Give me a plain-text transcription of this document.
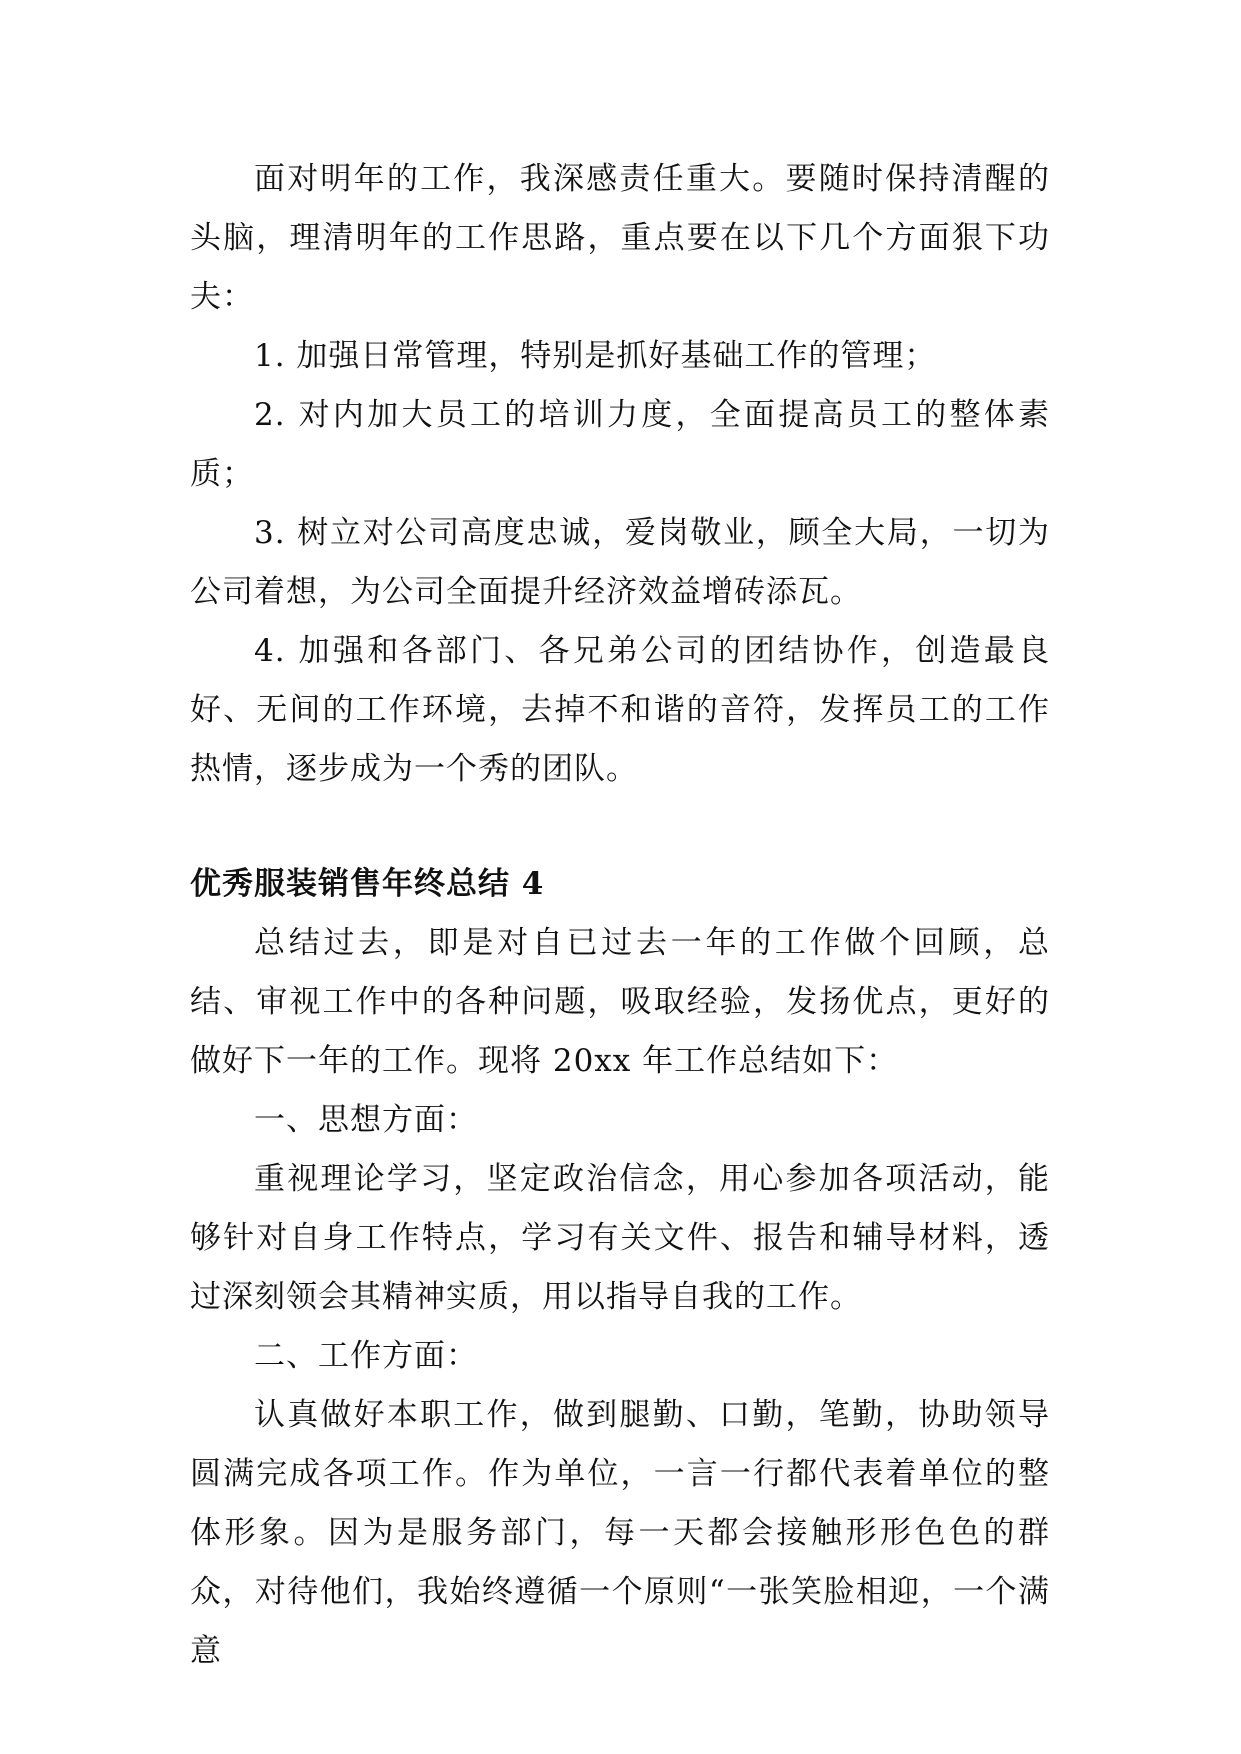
面对明年的工作，我深感责任重大。要随时保持清醒的头脑，理清明年的工作思路，重点要在以下几个方面狠下功夫：

1. 加强日常管理，特别是抓好基础工作的管理；

2. 对内加大员工的培训力度，全面提高员工的整体素质；

3. 树立对公司高度忠诚，爱岗敬业，顾全大局，一切为公司着想，为公司全面提升经济效益增砖添瓦。

4. 加强和各部门、各兄弟公司的团结协作，创造最良好、无间的工作环境，去掉不和谐的音符，发挥员工的工作热情，逐步成为一个秀的团队。

优秀服装销售年终总结 4

总结过去，即是对自已过去一年的工作做个回顾，总结、审视工作中的各种问题，吸取经验，发扬优点，更好的做好下一年的工作。现将 20xx 年工作总结如下：

一、思想方面：

重视理论学习，坚定政治信念，用心参加各项活动，能够针对自身工作特点，学习有关文件、报告和辅导材料，透过深刻领会其精神实质，用以指导自我的工作。

二、工作方面：

认真做好本职工作，做到腿勤、口勤，笔勤，协助领导圆满完成各项工作。作为单位，一言一行都代表着单位的整体形象。因为是服务部门，每一天都会接触形形色色的群众，对待他们，我始终遵循一个原则“一张笑脸相迎，一个满意
